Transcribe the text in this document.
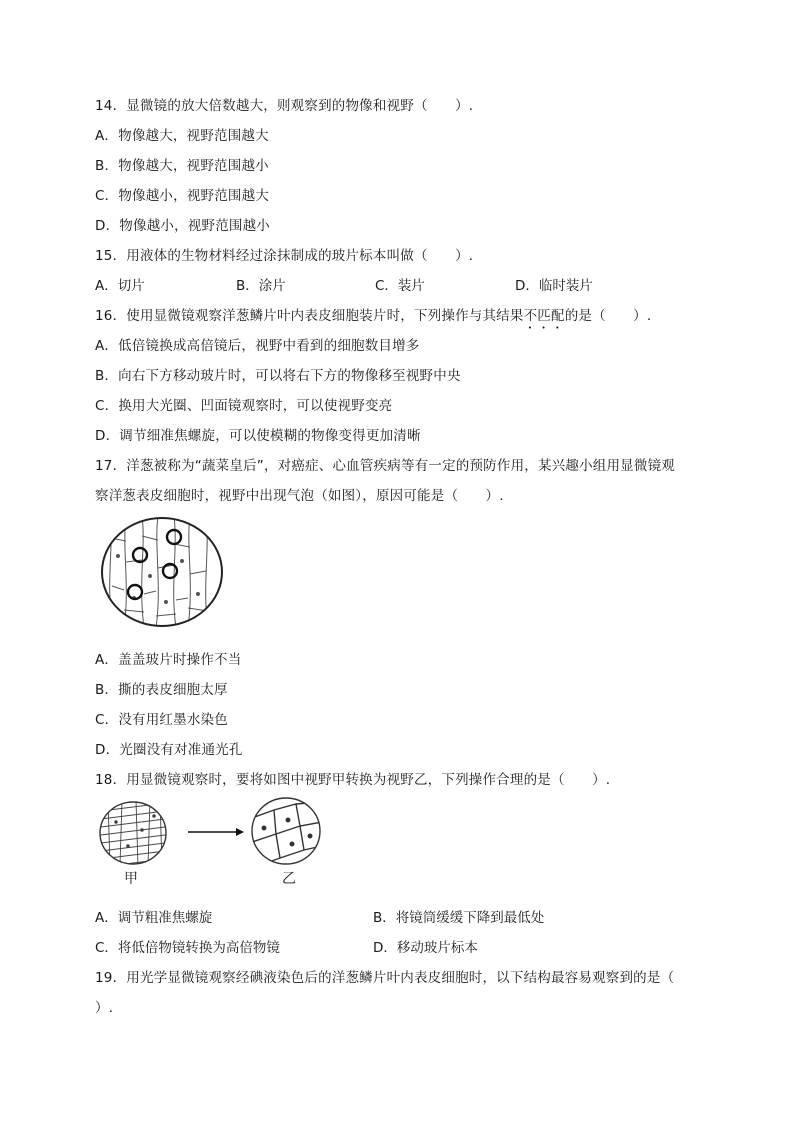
14．显微镜的放大倍数越大，则观察到的物像和视野（　　）.
A．物像越大，视野范围越大
B．物像越大，视野范围越小
C．物像越小，视野范围越大
D．物像越小，视野范围越小
15．用液体的生物材料经过涂抹制成的玻片标本叫做（　　）.
A．切片	B．涂片	C．装片	D．临时装片
16．使用显微镜观察洋葱鳞片叶内表皮细胞装片时，下列操作与其结果不匹配的是（　　）.
A．低倍镜换成高倍镜后，视野中看到的细胞数目增多
B．向右下方移动玻片时，可以将右下方的物像移至视野中央
C．换用大光圈、凹面镜观察时，可以使视野变亮
D．调节细准焦螺旋，可以使模糊的物像变得更加清晰
17．洋葱被称为“蔬菜皇后”，对癌症、心血管疾病等有一定的预防作用，某兴趣小组用显微镜观
察洋葱表皮细胞时，视野中出现气泡（如图），原因可能是（　　）.
A．盖盖玻片时操作不当
B．撕的表皮细胞太厚
C．没有用红墨水染色
D．光圈没有对准通光孔
18．用显微镜观察时，要将如图中视野甲转换为视野乙，下列操作合理的是（　　）.
甲	乙
A．调节粗准焦螺旋	B．将镜筒缓缓下降到最低处
C．将低倍物镜转换为高倍物镜	D．移动玻片标本
19．用光学显微镜观察经碘液染色后的洋葱鳞片叶内表皮细胞时，以下结构最容易观察到的是（
）.
